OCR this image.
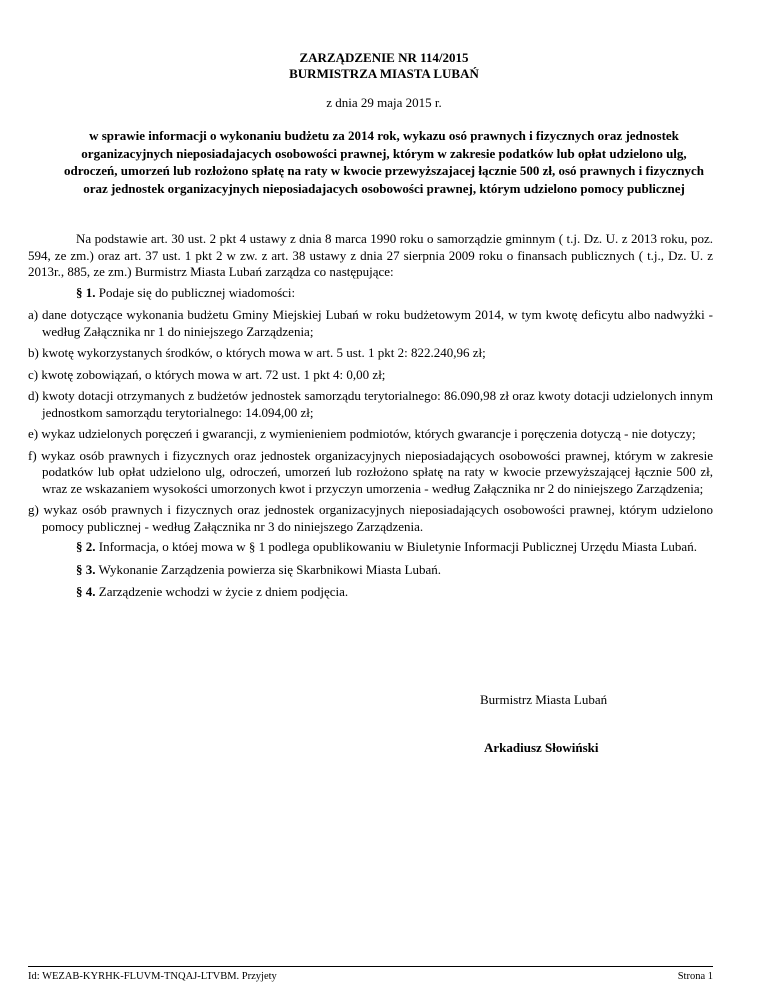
ZARZĄDZENIE NR 114/2015
BURMISTRZA MIASTA LUBAŃ
z dnia 29 maja 2015 r.
w sprawie informacji o wykonaniu budżetu za 2014 rok, wykazu osó prawnych i fizycznych oraz jednostek organizacyjnych nieposiadajacych osobowości prawnej, którym w zakresie podatków lub opłat udzielono ulg, odroczeń, umorzeń lub rozłożono spłatę na raty w kwocie przewyższajacej łącznie 500 zł, osó prawnych i fizycznych oraz jednostek organizacyjnych nieposiadajacych osobowości prawnej, którym udzielono pomocy publicznej

Na podstawie art. 30 ust. 2 pkt 4 ustawy z dnia 8 marca 1990 roku o samorządzie gminnym ( t.j. Dz. U. z 2013 roku, poz. 594, ze zm.) oraz art. 37 ust. 1 pkt 2 w zw. z art. 38 ustawy z dnia 27 sierpnia 2009 roku o finansach publicznych ( t.j., Dz. U. z 2013r., 885, ze zm.) Burmistrz Miasta Lubań zarządza co następujące:

§ 1. Podaje się do publicznej wiadomości:

a) dane dotyczące wykonania budżetu Gminy Miejskiej Lubań w roku budżetowym 2014, w tym kwotę deficytu albo nadwyżki - według Załącznika nr 1 do niniejszego Zarządzenia;

b) kwotę wykorzystanych środków, o których mowa w art. 5 ust. 1 pkt 2: 822.240,96 zł;

c) kwotę zobowiązań, o których mowa w art. 72 ust. 1 pkt 4: 0,00 zł;

d) kwoty dotacji otrzymanych z budżetów jednostek samorządu terytorialnego: 86.090,98 zł oraz kwoty dotacji udzielonych innym jednostkom samorządu terytorialnego: 14.094,00 zł;

e) wykaz udzielonych poręczeń i gwarancji, z wymienieniem podmiotów, których gwarancje i poręczenia dotyczą - nie dotyczy;

f) wykaz osób prawnych i fizycznych oraz jednostek organizacyjnych nieposiadających osobowości prawnej, którym w zakresie podatków lub opłat udzielono ulg, odroczeń, umorzeń lub rozłożono spłatę na raty w kwocie przewyższającej łącznie 500 zł, wraz ze wskazaniem wysokości umorzonych kwot i przyczyn umorzenia - według Załącznika nr 2 do niniejszego Zarządzenia;

g) wykaz osób prawnych i fizycznych oraz jednostek organizacyjnych nieposiadających osobowości prawnej, którym udzielono pomocy publicznej - według Załącznika nr 3 do niniejszego Zarządzenia.

§ 2. Informacja, o któej mowa w § 1 podlega opublikowaniu w Biuletynie Informacji Publicznej Urzędu Miasta Lubań.

§ 3. Wykonanie Zarządzenia powierza się Skarbnikowi Miasta Lubań.

§ 4. Zarządzenie wchodzi w życie z dniem podjęcia.

Burmistrz Miasta Lubań
Arkadiusz Słowiński
Id: WEZAB-KYRHK-FLUVM-TNQAJ-LTVBM. Przyjety	Strona 1
